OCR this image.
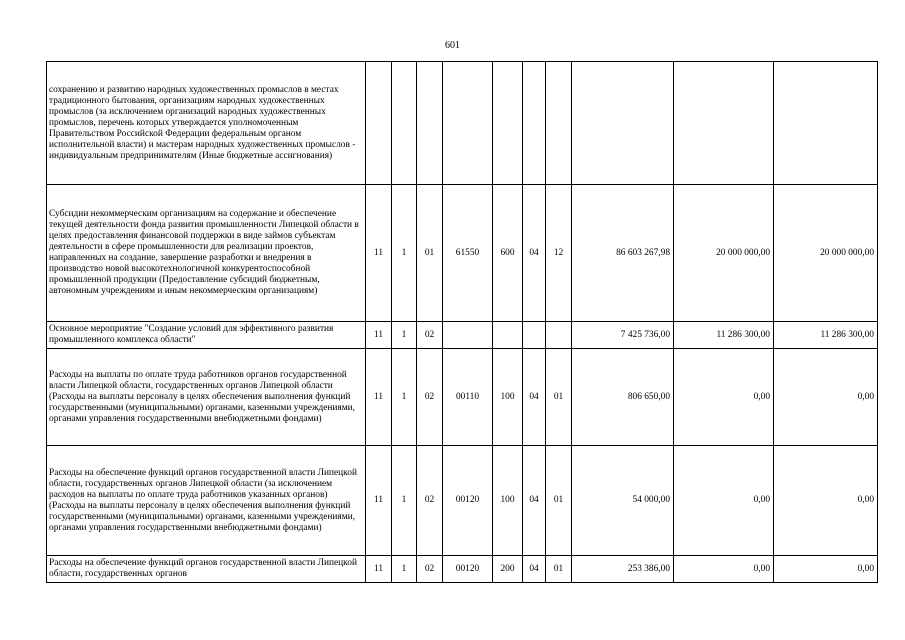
601
сохранению и развитию народных художественных промыслов в местах традиционного бытования, организациям народных художественных промыслов (за исключением организаций народных художественных промыслов, перечень которых утверждается уполномоченным Правительством Российской Федерации федеральным органом исполнительной власти) и мастерам народных художественных промыслов - индивидуальным предпринимателям (Иные бюджетные ассигнования)										
Субсидии некоммерческим организациям на содержание и обеспечение текущей деятельности фонда развития промышленности Липецкой области в целях предоставления финансовой поддержки в виде займов субъектам деятельности в сфере промышленности для реализации проектов, направленных на создание, завершение разработки и внедрения в производство новой высокотехнологичной конкурентоспособной промышленной продукции (Предоставление субсидий бюджетным, автономным учреждениям и иным некоммерческим организациям)	11	1	01	61550	600	04	12	86 603 267,98	20 000 000,00	20 000 000,00
Основное мероприятие "Создание условий для эффективного развития промышленного комплекса области"	11	1	02					7 425 736,00	11 286 300,00	11 286 300,00
Расходы на выплаты по оплате труда работников органов государственной власти Липецкой области, государственных органов Липецкой области (Расходы на выплаты персоналу в целях обеспечения выполнения функций государственными (муниципальными) органами, казенными учреждениями, органами управления государственными внебюджетными фондами)	11	1	02	00110	100	04	01	806 650,00	0,00	0,00
Расходы на обеспечение функций органов государственной власти Липецкой области, государственных органов Липецкой области (за исключением расходов на выплаты по оплате труда работников указанных органов) (Расходы на выплаты персоналу в целях обеспечения выполнения функций государственными (муниципальными) органами, казенными учреждениями, органами управления государственными внебюджетными фондами)	11	1	02	00120	100	04	01	54 000,00	0,00	0,00
Расходы на обеспечение функций органов государственной власти Липецкой области, государственных органов	11	1	02	00120	200	04	01	253 386,00	0,00	0,00
